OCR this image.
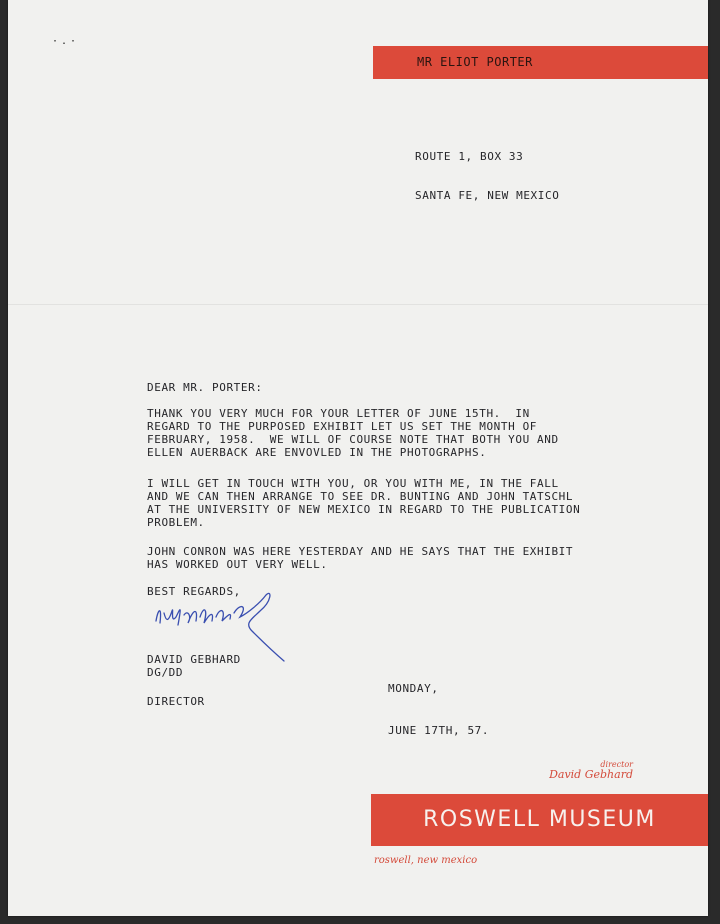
·.·
MR ELIOT PORTER

ROUTE 1, BOX 33

SANTA FE, NEW MEXICO

DEAR MR. PORTER:
THANK YOU VERY MUCH FOR YOUR LETTER OF JUNE 15TH.  IN
REGARD TO THE PURPOSED EXHIBIT LET US SET THE MONTH OF
FEBRUARY, 1958.  WE WILL OF COURSE NOTE THAT BOTH YOU AND
ELLEN AUERBACK ARE ENVOVLED IN THE PHOTOGRAPHS.
I WILL GET IN TOUCH WITH YOU, OR YOU WITH ME, IN THE FALL
AND WE CAN THEN ARRANGE TO SEE DR. BUNTING AND JOHN TATSCHL
AT THE UNIVERSITY OF NEW MEXICO IN REGARD TO THE PUBLICATION
PROBLEM.
JOHN CONRON WAS HERE YESTERDAY AND HE SAYS THAT THE EXHIBIT
HAS WORKED OUT VERY WELL.
BEST REGARDS,

DAVID GEBHARD

DIRECTOR

DG/DD

MONDAY,

JUNE 17TH, 57.

director
David Gebhard
ROSWELL MUSEUM
roswell, new mexico
